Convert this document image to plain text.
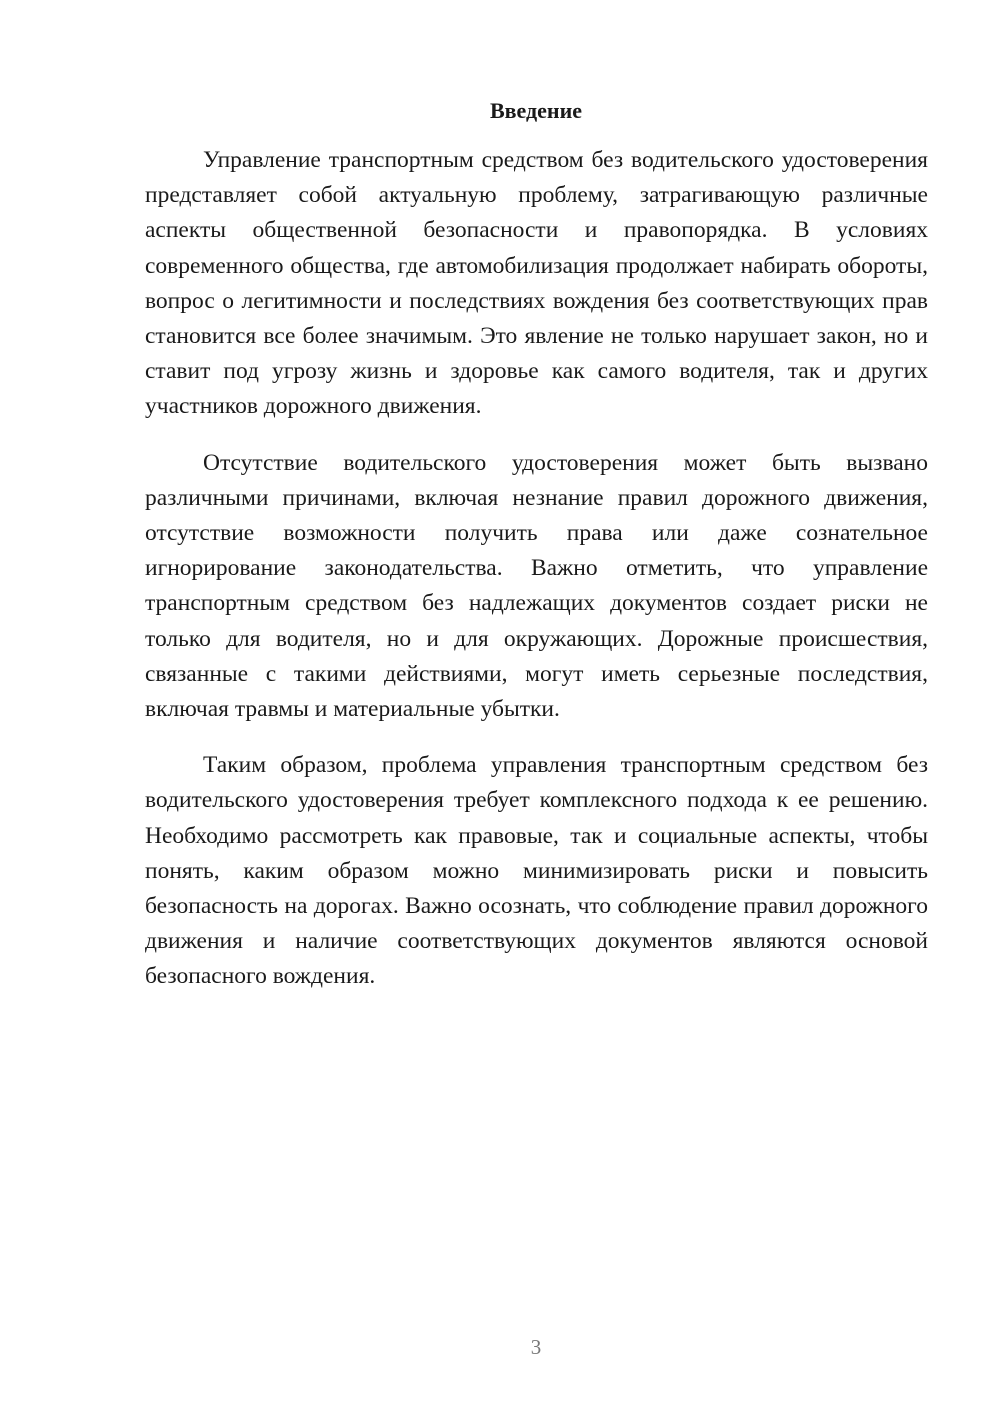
Введение

Управление транспортным средством без водительского удостоверения представляет собой актуальную проблему, затрагивающую различные аспекты общественной безопасности и правопорядка. В условиях современного общества, где автомобилизация продолжает набирать обороты, вопрос о легитимности и последствиях вождения без соответствующих прав становится все более значимым. Это явление не только нарушает закон, но и ставит под угрозу жизнь и здоровье как самого водителя, так и других участников дорожного движения.

Отсутствие водительского удостоверения может быть вызвано различными причинами, включая незнание правил дорожного движения, отсутствие возможности получить права или даже сознательное игнорирование законодательства. Важно отметить, что управление транспортным средством без надлежащих документов создает риски не только для водителя, но и для окружающих. Дорожные происшествия, связанные с такими действиями, могут иметь серьезные последствия, включая травмы и материальные убытки.

Таким образом, проблема управления транспортным средством без водительского удостоверения требует комплексного подхода к ее решению. Необходимо рассмотреть как правовые, так и социальные аспекты, чтобы понять, каким образом можно минимизировать риски и повысить безопасность на дорогах. Важно осознать, что соблюдение правил дорожного движения и наличие соответствующих документов являются основой безопасного вождения.

3
